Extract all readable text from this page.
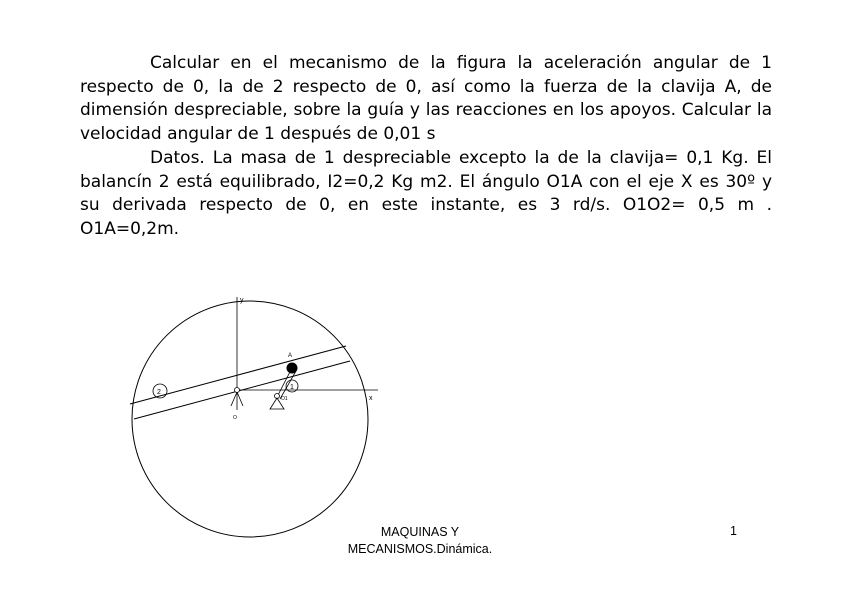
Calcular en el mecanismo de la figura la aceleración angular de 1 respecto de 0, la de 2 respecto de 0, así como la fuerza de la clavija A, de dimensión despreciable, sobre la guía y las reacciones en los apoyos. Calcular la velocidad angular de 1 después de 0,01 s
Datos. La masa de 1 despreciable excepto la de la clavija= 0,1 Kg. El balancín 2 está equilibrado, I2=0,2 Kg m2. El ángulo O1A con el eje X es 30º y su derivada respecto de 0, en este instante, es 3 rd/s. O1O2= 0,5 m . O1A=0,2m.
y
x
A
2
1
O
O1
MAQUINAS Y
MECANISMOS.Dinámica.
1
